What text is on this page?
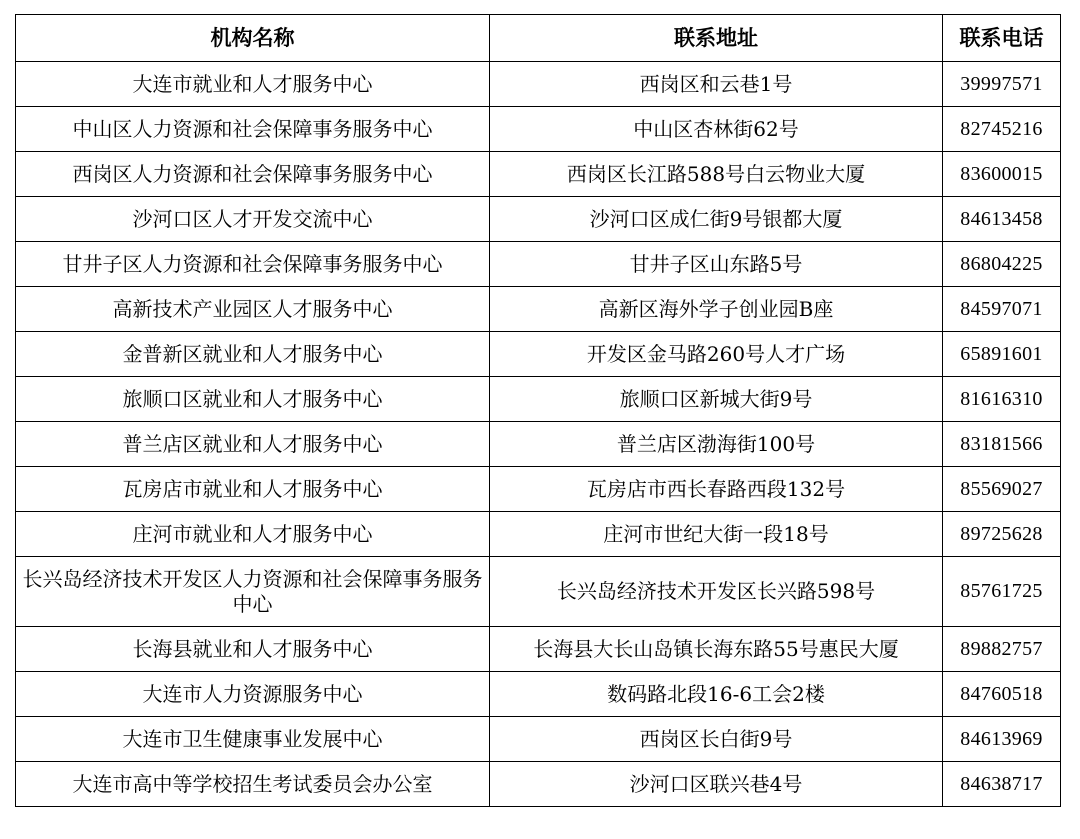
机构名称	联系地址	联系电话
大连市就业和人才服务中心	西岗区和云巷1号	39997571
中山区人力资源和社会保障事务服务中心	中山区杏林街62号	82745216
西岗区人力资源和社会保障事务服务中心	西岗区长江路588号白云物业大厦	83600015
沙河口区人才开发交流中心	沙河口区成仁街9号银都大厦	84613458
甘井子区人力资源和社会保障事务服务中心	甘井子区山东路5号	86804225
高新技术产业园区人才服务中心	高新区海外学子创业园B座	84597071
金普新区就业和人才服务中心	开发区金马路260号人才广场	65891601
旅顺口区就业和人才服务中心	旅顺口区新城大街9号	81616310
普兰店区就业和人才服务中心	普兰店区渤海街100号	83181566
瓦房店市就业和人才服务中心	瓦房店市西长春路西段132号	85569027
庄河市就业和人才服务中心	庄河市世纪大街一段18号	89725628
长兴岛经济技术开发区人力资源和社会保障事务服务中心	长兴岛经济技术开发区长兴路598号	85761725
长海县就业和人才服务中心	长海县大长山岛镇长海东路55号惠民大厦	89882757
大连市人力资源服务中心	数码路北段16-6工会2楼	84760518
大连市卫生健康事业发展中心	西岗区长白街9号	84613969
大连市高中等学校招生考试委员会办公室	沙河口区联兴巷4号	84638717
